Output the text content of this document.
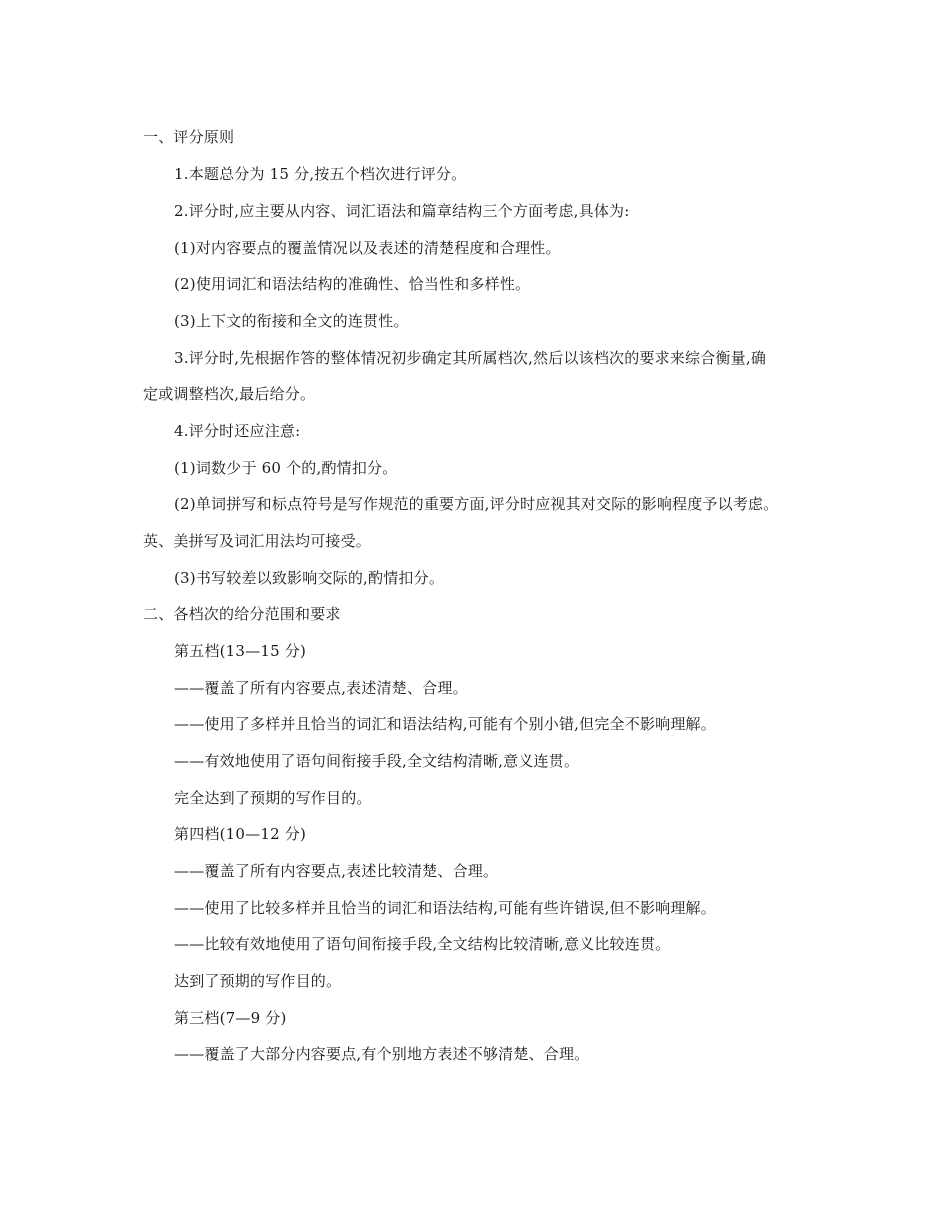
一、评分原则
1.本题总分为 15 分,按五个档次进行评分。
2.评分时,应主要从内容、词汇语法和篇章结构三个方面考虑,具体为:
(1)对内容要点的覆盖情况以及表述的清楚程度和合理性。
(2)使用词汇和语法结构的准确性、恰当性和多样性。
(3)上下文的衔接和全文的连贯性。
3.评分时,先根据作答的整体情况初步确定其所属档次,然后以该档次的要求来综合衡量,确
定或调整档次,最后给分。
4.评分时还应注意:
(1)词数少于 60 个的,酌情扣分。
(2)单词拼写和标点符号是写作规范的重要方面,评分时应视其对交际的影响程度予以考虑。
英、美拼写及词汇用法均可接受。
(3)书写较差以致影响交际的,酌情扣分。
二、各档次的给分范围和要求
第五档(13—15 分)
——覆盖了所有内容要点,表述清楚、合理。
——使用了多样并且恰当的词汇和语法结构,可能有个别小错,但完全不影响理解。
——有效地使用了语句间衔接手段,全文结构清晰,意义连贯。
完全达到了预期的写作目的。
第四档(10—12 分)
——覆盖了所有内容要点,表述比较清楚、合理。
——使用了比较多样并且恰当的词汇和语法结构,可能有些许错误,但不影响理解。
——比较有效地使用了语句间衔接手段,全文结构比较清晰,意义比较连贯。
达到了预期的写作目的。
第三档(7—9 分)
——覆盖了大部分内容要点,有个别地方表述不够清楚、合理。
